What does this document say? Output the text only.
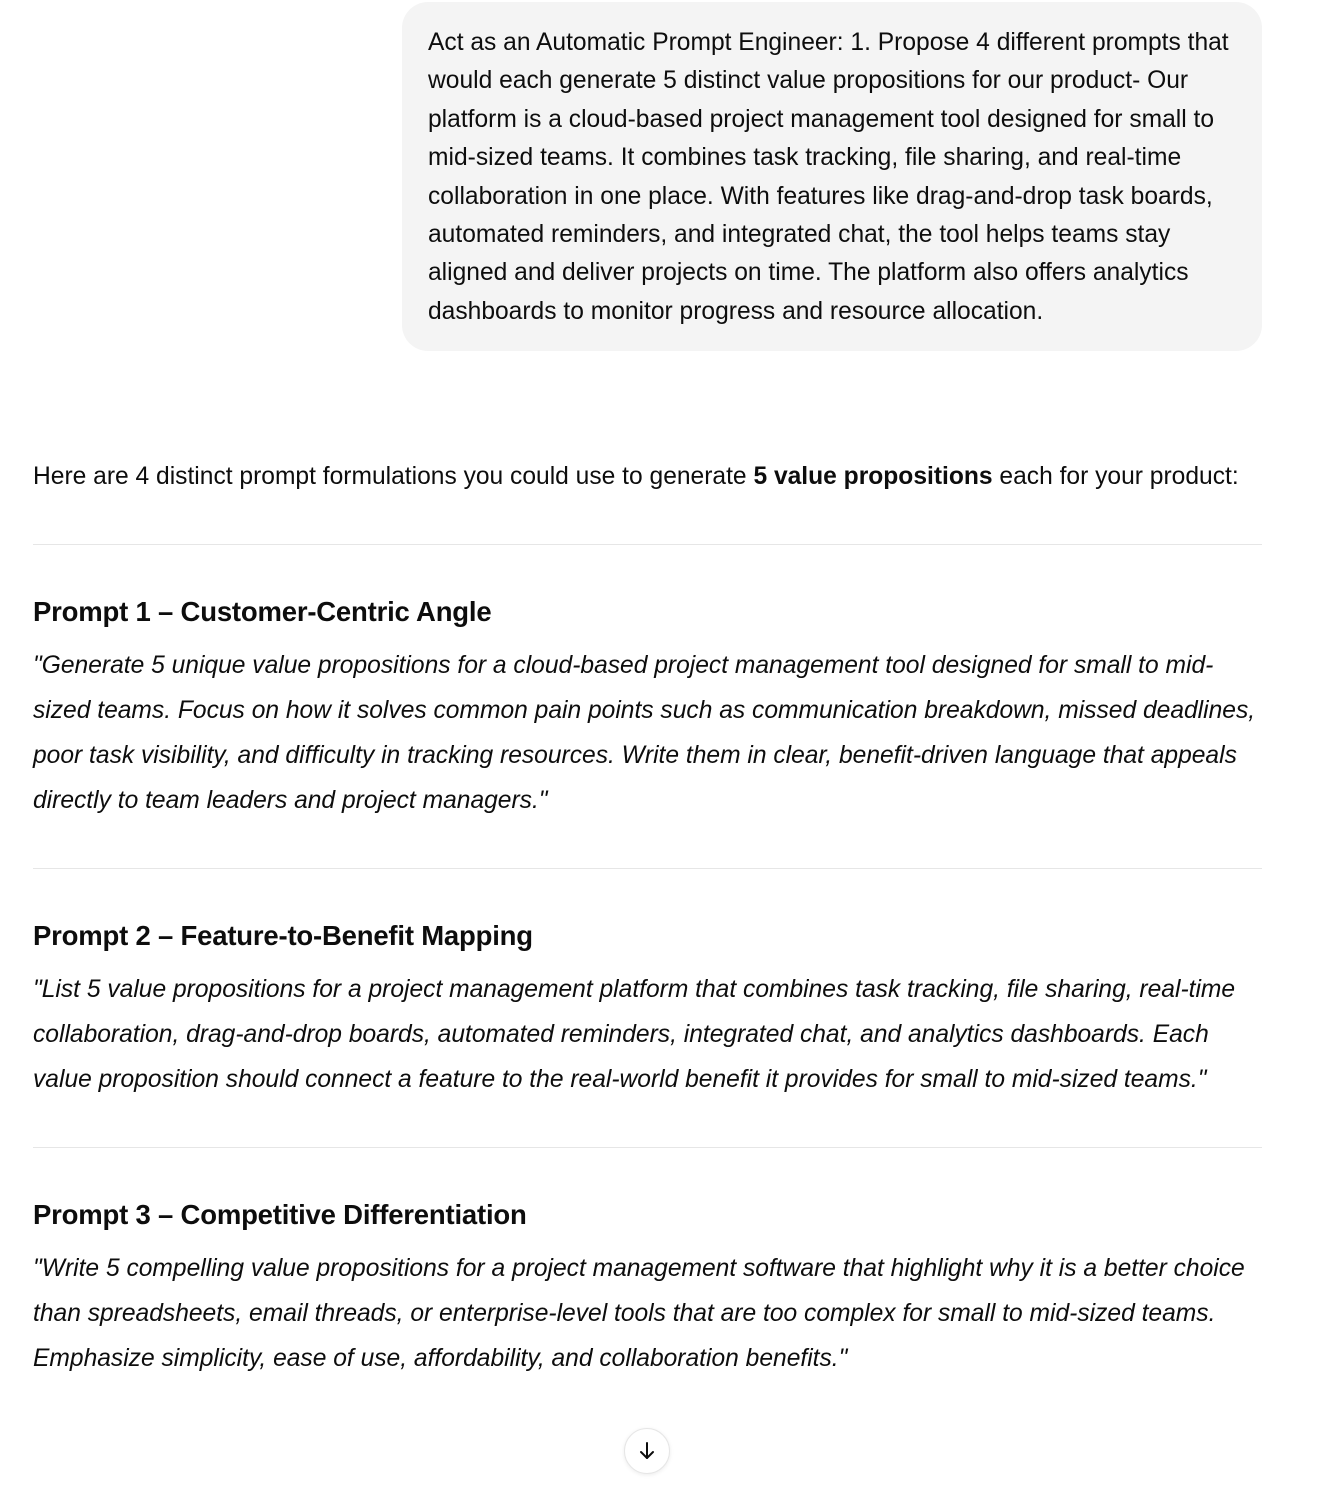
Act as an Automatic Prompt Engineer: 1. Propose 4 different prompts that would each generate 5 distinct value propositions for our product- Our platform is a cloud-based project management tool designed for small to mid-sized teams. It combines task tracking, file sharing, and real-time collaboration in one place. With features like drag-and-drop task boards, automated reminders, and integrated chat, the tool helps teams stay aligned and deliver projects on time. The platform also offers analytics dashboards to monitor progress and resource allocation.

Here are 4 distinct prompt formulations you could use to generate 5 value propositions each for your product:

Prompt 1 – Customer-Centric Angle

"Generate 5 unique value propositions for a cloud-based project management tool designed for small to mid-sized teams. Focus on how it solves common pain points such as communication breakdown, missed deadlines, poor task visibility, and difficulty in tracking resources. Write them in clear, benefit-driven language that appeals directly to team leaders and project managers."

Prompt 2 – Feature-to-Benefit Mapping

"List 5 value propositions for a project management platform that combines task tracking, file sharing, real-time collaboration, drag-and-drop boards, automated reminders, integrated chat, and analytics dashboards. Each value proposition should connect a feature to the real-world benefit it provides for small to mid-sized teams."

Prompt 3 – Competitive Differentiation

"Write 5 compelling value propositions for a project management software that highlight why it is a better choice than spreadsheets, email threads, or enterprise-level tools that are too complex for small to mid-sized teams. Emphasize simplicity, ease of use, affordability, and collaboration benefits."
